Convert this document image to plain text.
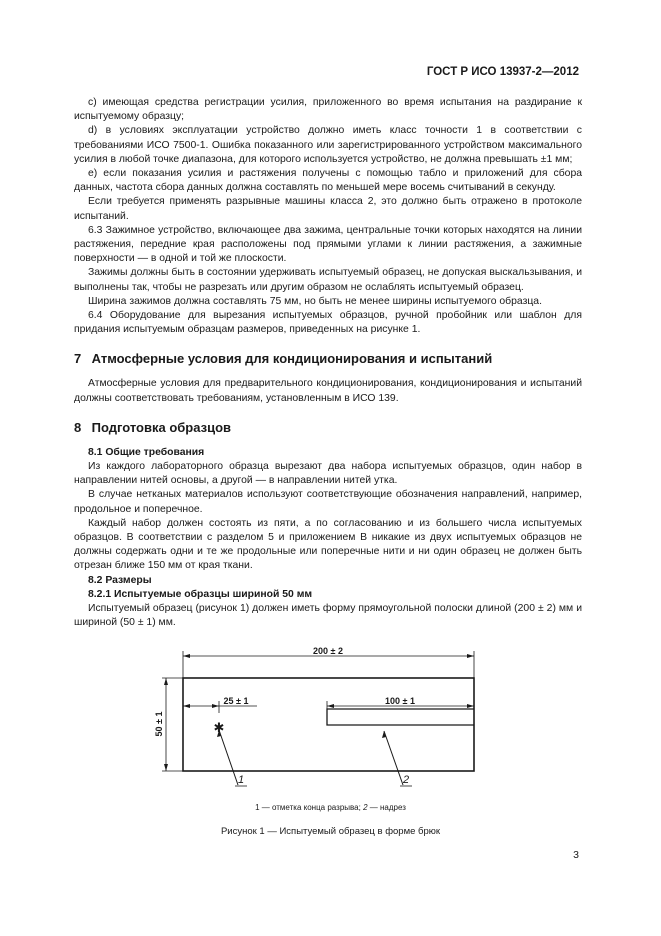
ГОСТ Р ИСО 13937-2—2012

c) имеющая средства регистрации усилия, приложенного во время испытания на раздирание к испытуемому образцу;

d) в условиях эксплуатации устройство должно иметь класс точности 1 в соответствии с требованиями ИСО 7500-1. Ошибка показанного или зарегистрированного устройством максимального усилия в любой точке диапазона, для которого используется устройство, не должна превышать ±1 мм;

e) если показания усилия и растяжения получены с помощью табло и приложений для сбора данных, частота сбора данных должна составлять по меньшей мере восемь считываний в секунду.

Если требуется применять разрывные машины класса 2, это должно быть отражено в протоколе испытаний.

6.3 Зажимное устройство, включающее два зажима, центральные точки которых находятся на линии растяжения, передние края расположены под прямыми углами к линии растяжения, а зажимные поверхности — в одной и той же плоскости.

Зажимы должны быть в состоянии удерживать испытуемый образец, не допуская выскальзывания, и выполнены так, чтобы не разрезать или другим образом не ослаблять испытуемый образец.

Ширина зажимов должна составлять 75 мм, но быть не менее ширины испытуемого образца.

6.4 Оборудование для вырезания испытуемых образцов, ручной пробойник или шаблон для придания испытуемым образцам размеров, приведенных на рисунке 1.

7 Атмосферные условия для кондиционирования и испытаний

Атмосферные условия для предварительного кондиционирования, кондиционирования и испытаний должны соответствовать требованиям, установленным в ИСО 139.

8 Подготовка образцов

8.1 Общие требования

Из каждого лабораторного образца вырезают два набора испытуемых образцов, один набор в направлении нитей основы, а другой — в направлении нитей утка.

В случае нетканых материалов используют соответствующие обозначения направлений, например, продольное и поперечное.

Каждый набор должен состоять из пяти, а по согласованию и из большего числа испытуемых образцов. В соответствии с разделом 5 и приложением В никакие из двух испытуемых образцов не должны содержать одни и те же продольные или поперечные нити и ни один образец не должен быть отрезан ближе 150 мм от края ткани.

8.2 Размеры

8.2.1 Испытуемые образцы шириной 50 мм

Испытуемый образец (рисунок 1) должен иметь форму прямоугольной полоски длиной (200 ± 2) мм и шириной (50 ± 1) мм.

✱
200 ± 2
50 ± 1
25 ± 1	100 ± 1
1	2
1 — отметка конца разрыва; 2 — надрез
Рисунок 1 — Испытуемый образец в форме брюк
3
